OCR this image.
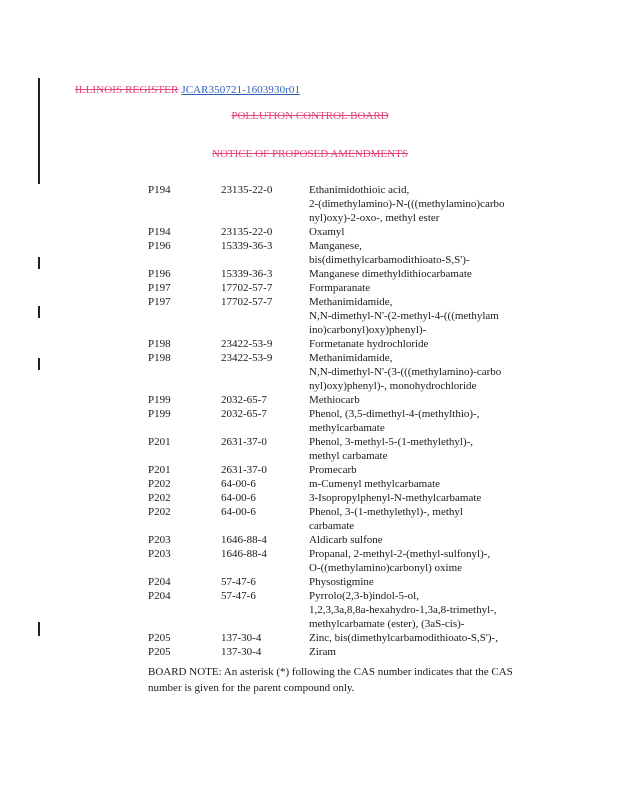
ILLINOIS REGISTER JCAR350721-1603930r01
POLLUTION CONTROL BOARD
NOTICE OF PROPOSED AMENDMENTS
P194	23135-22-0	Ethanimidothioic acid,
2-(dimethylamino)-N-(((methylamino)carbo
nyl)oxy)-2-oxo-, methyl ester
P194	23135-22-0	Oxamyl
P196	15339-36-3	Manganese,
bis(dimethylcarbamodithioato-S,S')-
P196	15339-36-3	Manganese dimethyldithiocarbamate
P197	17702-57-7	Formparanate
P197	17702-57-7	Methanimidamide,
N,N-dimethyl-N'-(2-methyl-4-(((methylam
ino)carbonyl)oxy)phenyl)-
P198	23422-53-9	Formetanate hydrochloride
P198	23422-53-9	Methanimidamide,
N,N-dimethyl-N'-(3-(((methylamino)-carbo
nyl)oxy)phenyl)-, monohydrochloride
P199	2032-65-7	Methiocarb
P199	2032-65-7	Phenol, (3,5-dimethyl-4-(methylthio)-,
methylcarbamate
P201	2631-37-0	Phenol, 3-methyl-5-(1-methylethyl)-,
methyl carbamate
P201	2631-37-0	Promecarb
P202	64-00-6	m-Cumenyl methylcarbamate
P202	64-00-6	3-Isopropylphenyl-N-methylcarbamate
P202	64-00-6	Phenol, 3-(1-methylethyl)-, methyl
carbamate
P203	1646-88-4	Aldicarb sulfone
P203	1646-88-4	Propanal, 2-methyl-2-(methyl-sulfonyl)-,
O-((methylamino)carbonyl) oxime
P204	57-47-6	Physostigmine
P204	57-47-6	Pyrrolo(2,3-b)indol-5-ol,
1,2,3,3a,8,8a-hexahydro-1,3a,8-trimethyl-,
methylcarbamate (ester), (3aS-cis)-
P205	137-30-4	Zinc, bis(dimethylcarbamodithioato-S,S')-,
P205	137-30-4	Ziram
BOARD NOTE: An asterisk (*) following the CAS number indicates that the CAS number is given for the parent compound only.
